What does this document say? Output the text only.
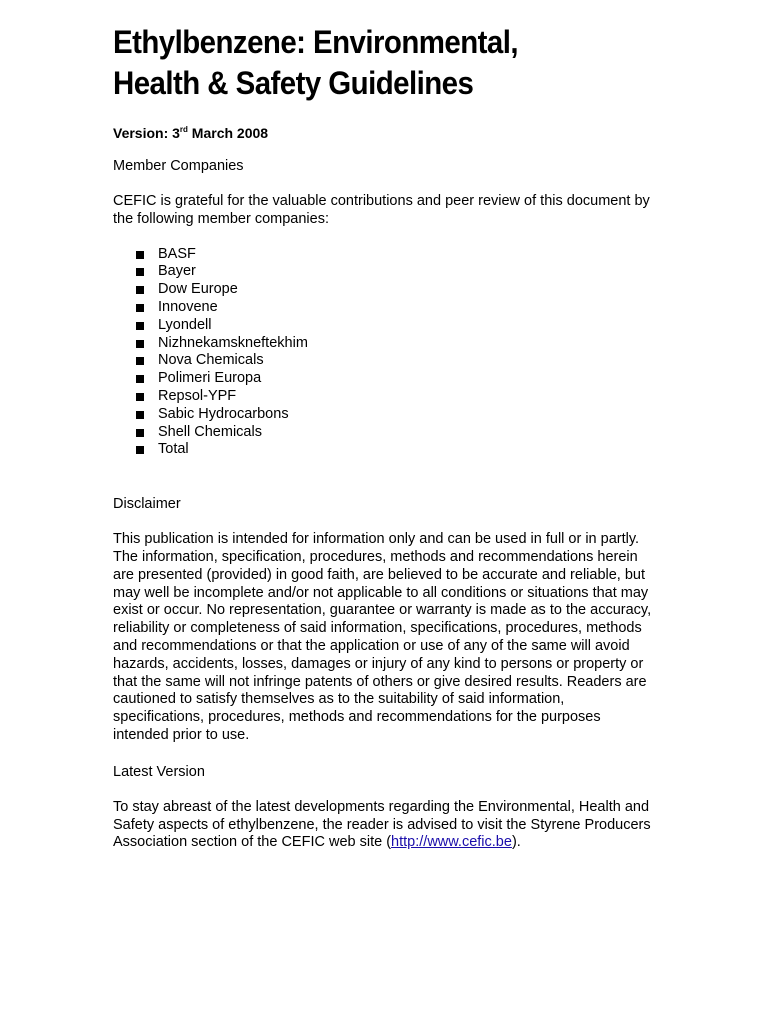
Ethylbenzene: Environmental,
Health & Safety Guidelines
Version: 3rd March 2008

Member Companies

CEFIC is grateful for the valuable contributions and peer review of this document by the following member companies:

BASF
Bayer
Dow Europe
Innovene
Lyondell
Nizhnekamskneftekhim
Nova Chemicals
Polimeri Europa
Repsol-YPF
Sabic Hydrocarbons
Shell Chemicals
Total

Disclaimer

This publication is intended for information only and can be used in full or in partly. The information, specification, procedures, methods and recommendations herein are presented (provided) in good faith, are believed to be accurate and reliable, but may well be incomplete and/or not applicable to all conditions or situations that may exist or occur. No representation, guarantee or warranty is made as to the accuracy, reliability or completeness of said information, specifications, procedures, methods and recommendations or that the application or use of any of the same will avoid hazards, accidents, losses, damages or injury of any kind to persons or property or that the same will not infringe patents of others or give desired results. Readers are cautioned to satisfy themselves as to the suitability of said information, specifications, procedures, methods and recommendations for the purposes intended prior to use.

Latest Version

To stay abreast of the latest developments regarding the Environmental, Health and Safety aspects of ethylbenzene, the reader is advised to visit the Styrene Producers Association section of the CEFIC web site (http://www.cefic.be).
